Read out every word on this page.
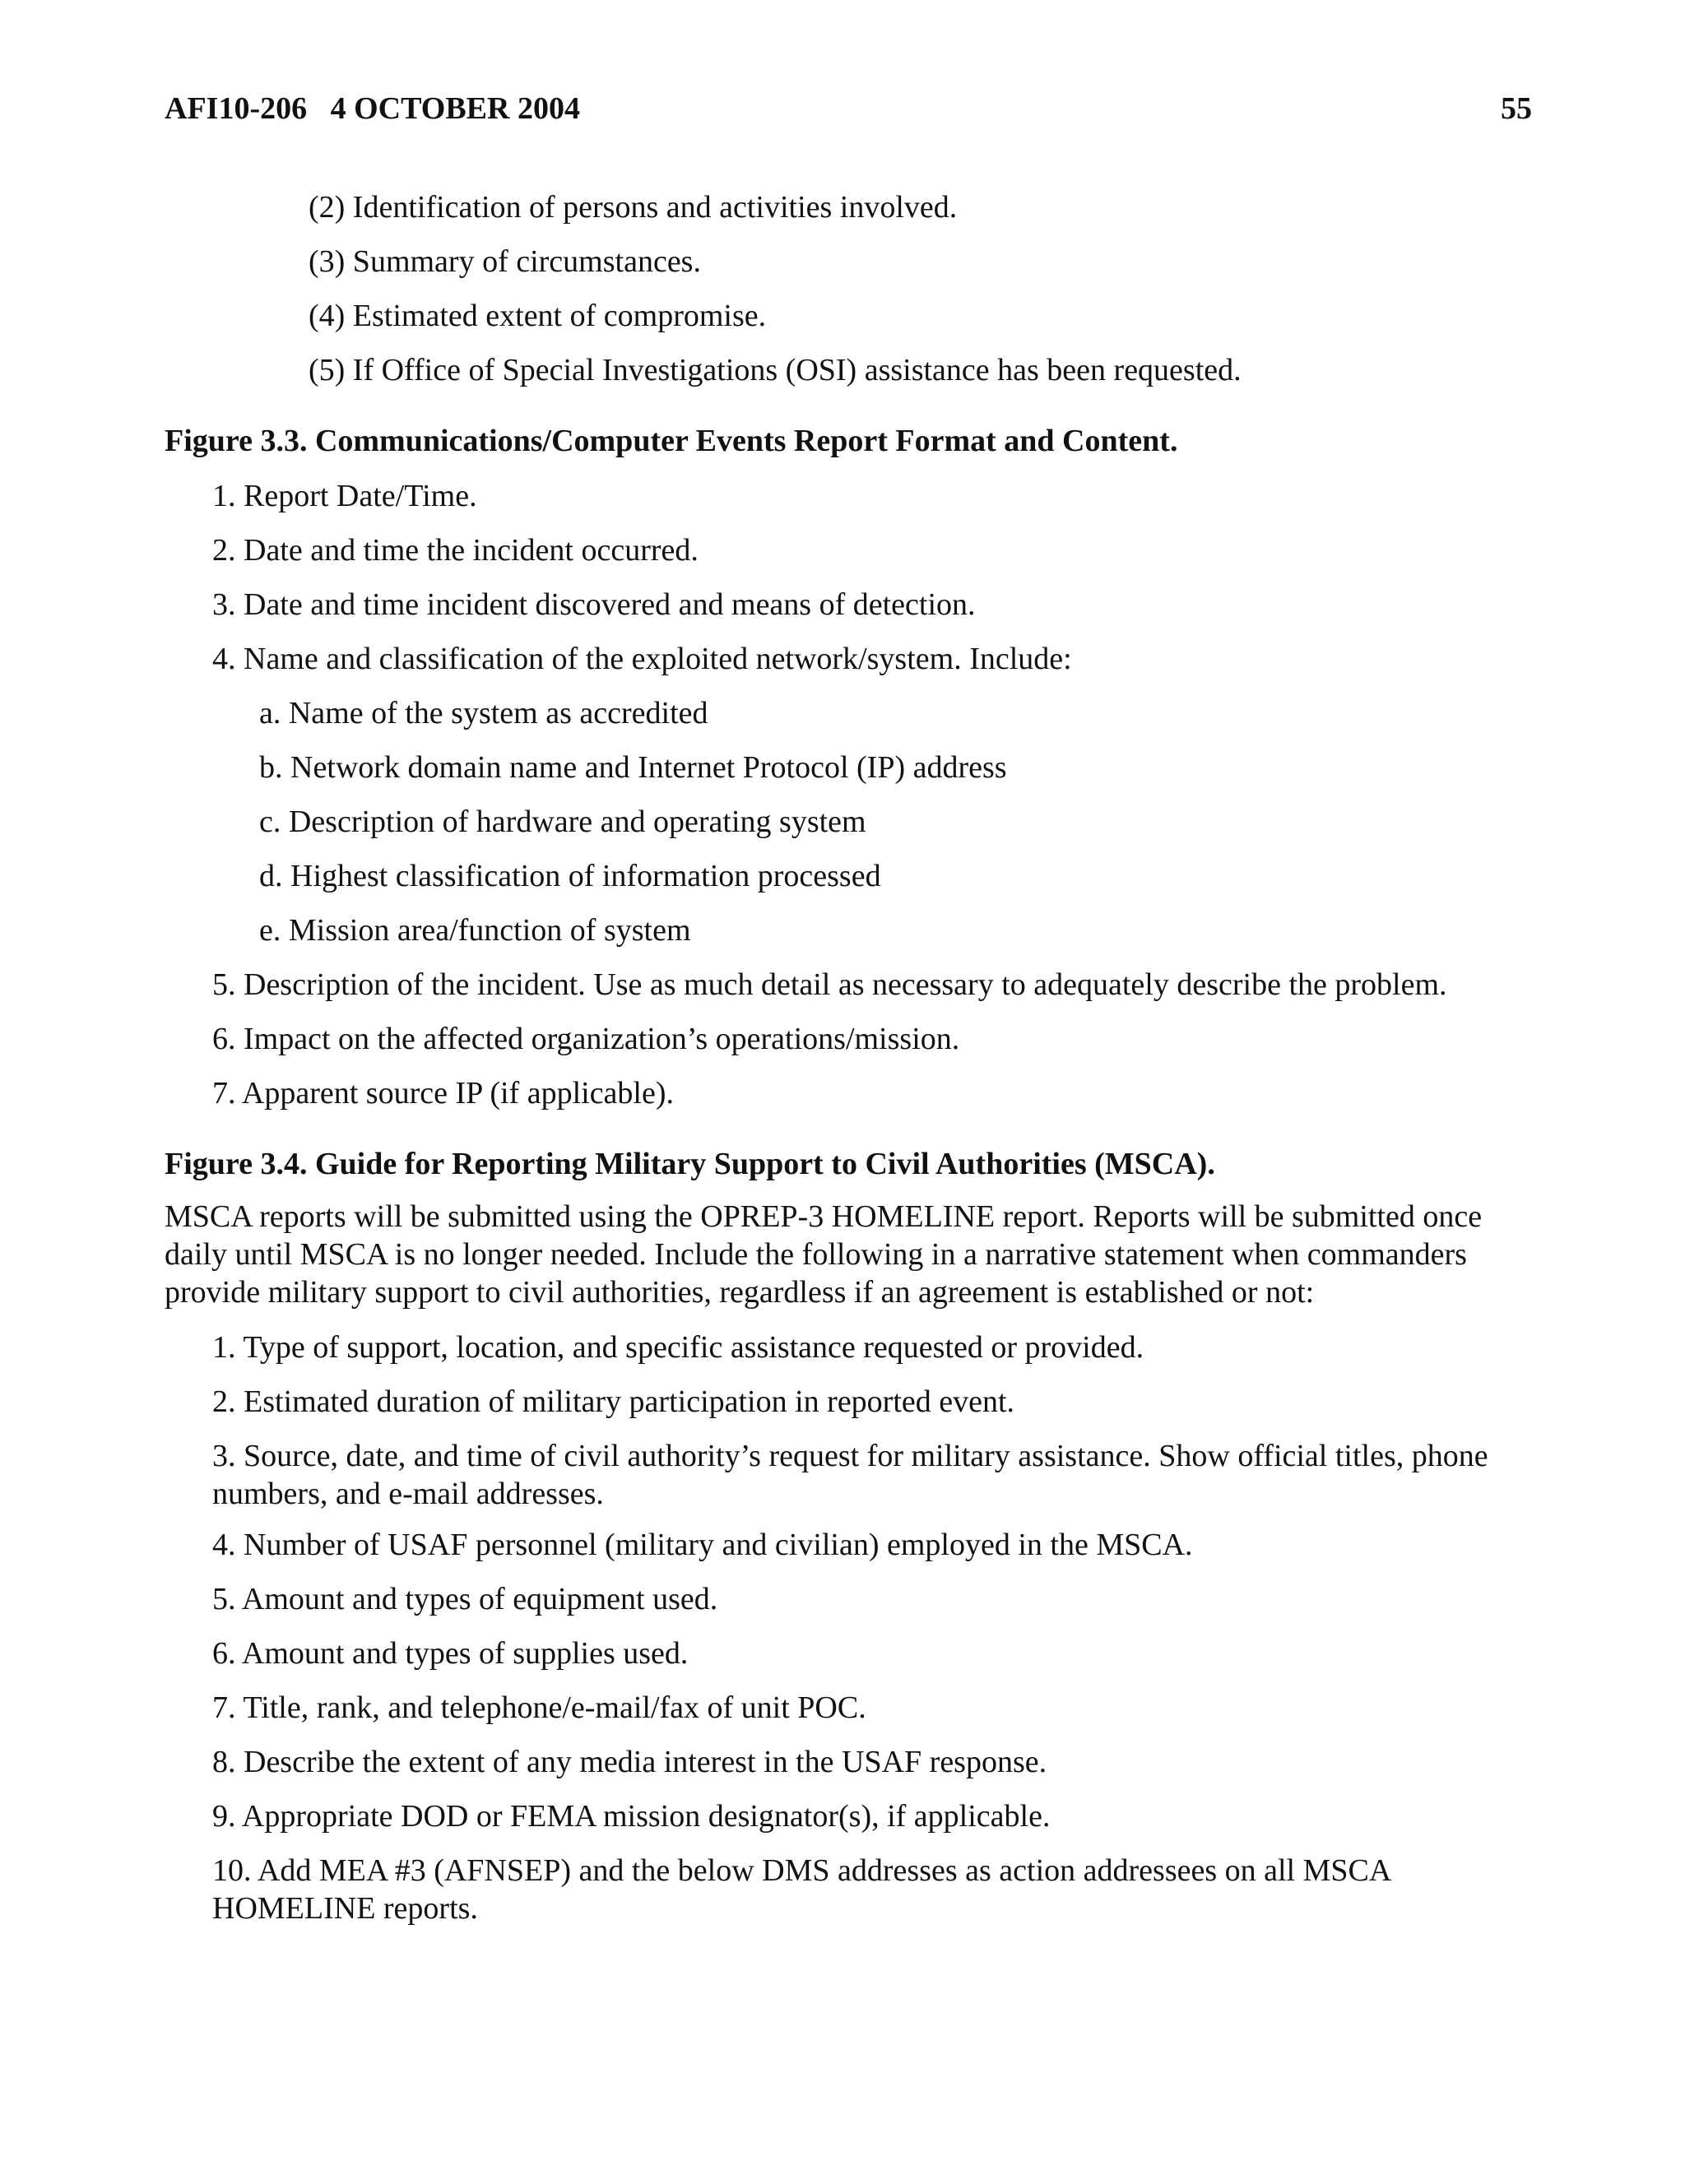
AFI10-206   4 OCTOBER 2004	55
(2) Identification of persons and activities involved.
(3) Summary of circumstances.
(4) Estimated extent of compromise.
(5) If Office of Special Investigations (OSI) assistance has been requested.
Figure 3.3. Communications/Computer Events Report Format and Content.
1. Report Date/Time.
2. Date and time the incident occurred.
3. Date and time incident discovered and means of detection.
4. Name and classification of the exploited network/system. Include:
a. Name of the system as accredited
b. Network domain name and Internet Protocol (IP) address
c. Description of hardware and operating system
d. Highest classification of information processed
e. Mission area/function of system
5. Description of the incident. Use as much detail as necessary to adequately describe the problem.
6. Impact on the affected organization’s operations/mission.
7. Apparent source IP (if applicable).
Figure 3.4. Guide for Reporting Military Support to Civil Authorities (MSCA).
MSCA reports will be submitted using the OPREP-3 HOMELINE report. Reports will be submitted once daily until MSCA is no longer needed. Include the following in a narrative statement when commanders provide military support to civil authorities, regardless if an agreement is established or not:
1. Type of support, location, and specific assistance requested or provided.
2. Estimated duration of military participation in reported event.
3. Source, date, and time of civil authority’s request for military assistance. Show official titles, phone numbers, and e-mail addresses.
4. Number of USAF personnel (military and civilian) employed in the MSCA.
5. Amount and types of equipment used.
6. Amount and types of supplies used.
7. Title, rank, and telephone/e-mail/fax of unit POC.
8. Describe the extent of any media interest in the USAF response.
9. Appropriate DOD or FEMA mission designator(s), if applicable.
10. Add MEA #3 (AFNSEP) and the below DMS addresses as action addressees on all MSCA HOMELINE reports.
